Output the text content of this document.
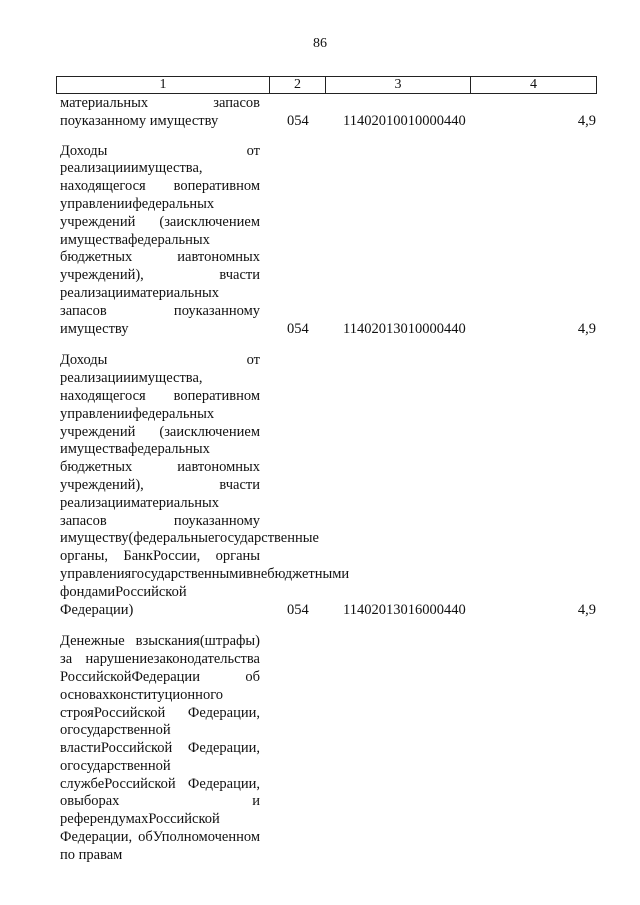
86
1	2	3	4
материальных запасов поуказанному имуществу	054 11402010010000440	4,9
Доходы от реализацииимущества, находящегося воперативном управлениифедеральных учреждений (заисключением имуществафедеральных бюджетных иавтономных учреждений), вчасти реализацииматериальных запасов поуказанному имуществу	054 11402013010000440	4,9
Доходы от реализацииимущества, находящегося воперативном управлениифедеральных учреждений (заисключением имуществафедеральных бюджетных иавтономных учреждений), вчасти реализацииматериальных запасов поуказанному имуществу(федеральныегосударственные органы, БанкРоссии, органы управлениягосударственнымивнебюджетными фондамиРоссийской Федерации)	054 11402013016000440	4,9
Денежные взыскания(штрафы) за нарушениезаконодательства РоссийскойФедерации об основахконституционного строяРоссийской Федерации, огосударственной властиРоссийской Федерации, огосударственной службеРоссийской Федерации, овыборах и референдумахРоссийской Федерации, обУполномоченном по правам
